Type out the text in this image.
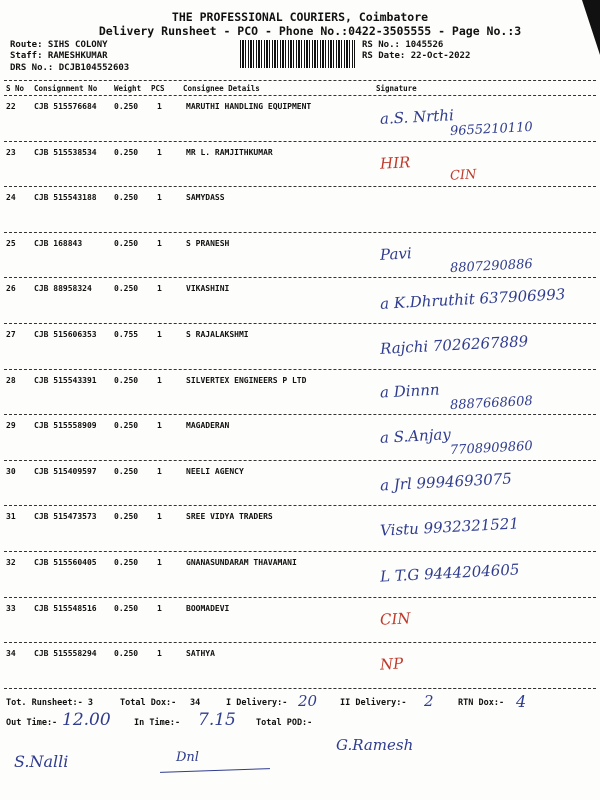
THE PROFESSIONAL COURIERS, Coimbatore
Delivery Runsheet - PCO - Phone No.:0422-3505555 - Page No.:3
Route: SIHS COLONY
Staff: RAMESHKUMAR
DRS No.: DCJB104552603
RS No.: 1045526
RS Date: 22-Oct-2022
S No Consignment No Weight PCS Consignee Details	Signature
22 CJB 515576684 0.250 1	MARUTHI HANDLING EQUIPMENT	a.S. Nrthi
9655210110
23 CJB 515538534 0.250 1	MR L. RAMJITHKUMAR
HIR
CIN
24 CJB 515543188 0.250 1	SAMYDASS
25 CJB 168843	0.250 1	S PRANESH
Pavi
8807290886
26 CJB 88958324	0.250 1	VIKASHINI	a K.Dhruthit 637906993
27 CJB 515606353 0.755 1	S RAJALAKSHMI	Rajchi 7026267889
28 CJB 515543391 0.250 1	SILVERTEX ENGINEERS P LTD	a Dinnn
8887668608
29 CJB 515558909 0.250 1	MAGADERAN	a S.Anjay
7708909860
30 CJB 515409597 0.250 1	NEELI AGENCY	a Jrl 9994693075
31 CJB 515473573 0.250 1	SREE VIDYA TRADERS	Vistu 9932321521
32 CJB 515560405 0.250 1	GNANASUNDARAM THAVAMANI	L T.G 9444204605
33 CJB 515548516 0.250 1	BOOMADEVI
CIN
34 CJB 515558294 0.250 1	SATHYA
NP
Tot. Runsheet:- 3	Total Dox:- 34	I Delivery:- 20	II Delivery:- 2	RTN Dox:- 4
Out Time:- 12.00	In Time:- 7.15 Total POD:-
S.Nalli	Dnl
G.Ramesh
